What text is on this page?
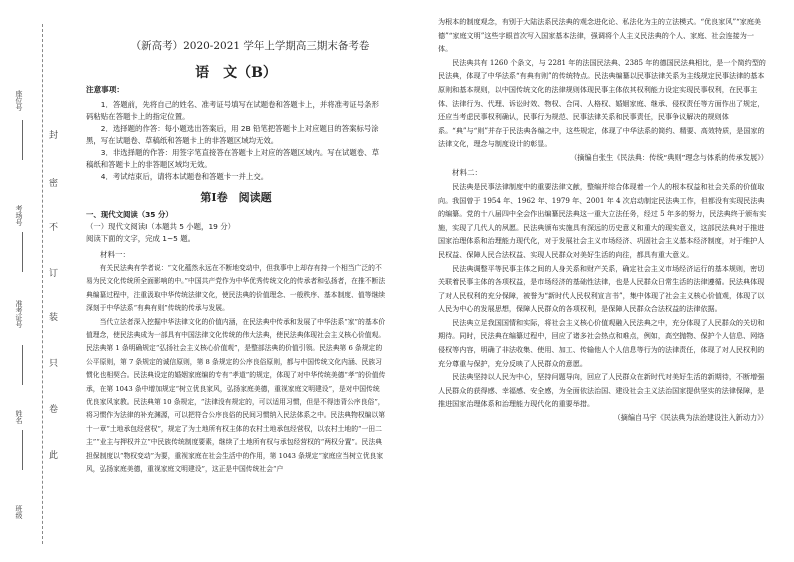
封
密
不
订
装
只
卷
此
座位号
考场号
准考证号
姓名
班级
（新高考）2020-2021 学年上学期高三期末备考卷
语　文（B）
注意事项：

1．答题前，先将自己的姓名、准考证号填写在试题卷和答题卡上，并将准考证号条形码粘贴在答题卡上的指定位置。

2．选择题的作答：每小题选出答案后，用 2B 铅笔把答题卡上对应题目的答案标号涂黑，写在试题卷、草稿纸和答题卡上的非答题区域均无效。

3．非选择题的作答：用签字笔直接答在答题卡上对应的答题区域内。写在试题卷、草稿纸和答题卡上的非答题区域均无效。

4．考试结束后，请将本试题卷和答题卡一并上交。

第Ⅰ卷　阅读题
一、现代文阅读（35 分）
（一）现代文阅读Ⅰ（本题共 5 小题，19 分）
阅读下面的文字，完成 1~5 题。
材料一：

有关民法典有学者说：“文化蕴然永远在不断地变动中，但我事中上却存有持一个相当广泛的不易为民文化传统所全面影响的中。”中国共产党作为中华优秀传统文化的传承者和弘扬者，在推不断法典编纂过程中，注重汲取中华传统法律文化，使民法典的价值理念、一般秩序、基本制度、值等继续深刻于中华法系“有典有则”传统的传承与发展。

当代立法者深入挖掘中华法律文化的价值内涵，在民法典中传承和发展了中华法系“家”的基本价值理念，使民法典成为一部具有中国法律文化传统的伟大法典，使民法典体现社会主义核心价值观。民法典第 1 条明确规定“弘扬社会主义核心价值观”，是整部法典的价值引领。民法典第 6 条规定的公平原则，第 7 条规定的诚信原则，第 8 条规定的公序良俗原则，都与中国传统文化内涵、民族习惯化也相契合。民法典设定的婚姻家庭编的专有“孝道”的规定，体现了对中华传统美德“孝”的价值传承，在第 1043 条中增加规定“树立优良家风，弘扬家庭美德，重视家庭文明建设”，是对中国传统优良家风家教。民法典第 10 条规定，“法律没有规定的，可以适用习惯，但是不得违背公序良俗”，将习惯作为法律的补充渊源，可以把符合公序良俗的民间习惯纳入民法体系之中。民法典物权编以第十一章“土地承包经营权”，规定了为土地所有权主体的农村土地承包经营权，以农村土地的“一田二主”“业主与押权并立”中民族传统制度要素，继续了土地所有权与承包经营权的“两权分置”。民法典担保制度以“物权变动”为要，重视家庭在社会生活中的作用，第 1043 条规定“家庭应当树立优良家风，弘扬家庭美德，重视家庭文明建设”，这正是中国传统社会“户

为根本的制度观念，有别于大陆法系民法典的观念进化论、私法化为主的立法模式。“优良家风”“家庭美德”“家庭文明”这些字眼首次写入国家基本法律，强调将个人主义民法典的个人、家庭、社会连接为一体。

民法典共有 1260 个条文，与 2281 年的法国民法典、2385 年的德国民法典相比，是一个简约型的民法典，体现了中华法系“有典有则”的传统特点。民法典编纂以民事法律关系为主线规定民事法律的基本原则和基本规则，以中国传统文化的法律规则体现民事主体依其权利能力设定实现民事权利，在民事主体、法律行为、代理、诉讼时效、物权、合同、人格权、婚姻家庭、继承、侵权责任等方面作出了规定，还应当考虑民事权利确认，民事行为规范、民事法律关系和民事责任，民事争议解决的规则体系。“典”与“则”并存于民法典各编之中，这些规定，体现了中华法系的简约、精要、高效特质，是国家的法律文化，理念与制度设计的彰显。

（摘编自张生《民法典：传统“典则”理念与体系的传承发展》）
材料二：

民法典是民事法律制度中的重要法律文献，整编并综合体现着一个人的根本权益和社会关系的价值取向。我国曾于 1954 年、1962 年、1979 年、2001 年 4 次启动制定民法典工作，但都没有实现民法典的编纂。党的十八届四中全会作出编纂民法典这一重大立法任务，经过 5 年多的努力，民法典终于颁布实施，实现了几代人的夙愿。民法典颁布实施具有深远的历史意义和重大的现实意义，这部民法典对于推进国家治理体系和治理能力现代化，对于发展社会主义市场经济、巩固社会主义基本经济制度，对于维护人民权益、保障人民合法权益、实现人民群众对美好生活的向往，都具有重大意义。

民法典调整平等民事主体之间的人身关系和财产关系，确定社会主义市场经济运行的基本规则，密切关联着民事主体的各项权益，是市场经济的基础性法律，也是人民群众日常生活的法律遵循。民法典体现了对人民权利的充分保障，被誉为“新时代人民权利宣言书”，集中体现了社会主义核心价值观，体现了以人民为中心的发展思想，保障人民群众的各项权利，是保障人民群众合法权益的法律依据。

民法典立足我国国情和实际，将社会主义核心价值观融入民法典之中，充分体现了人民群众的关切和期待。同时，民法典在编纂过程中，回应了诸多社会热点和难点，例如，高空抛物、保护个人信息、网络侵权等内容，明确了非法收集、使用、加工、传输他人个人信息等行为的法律责任，体现了对人民权利的充分尊重与保护，充分反映了人民群众的意愿。

民法典坚持以人民为中心，坚持问题导向，回应了人民群众在新时代对美好生活的新期待，不断增强人民群众的获得感、幸福感、安全感，为全面依法治国、建设社会主义法治国家提供坚实的法律保障，是推进国家治理体系和治理能力现代化的重要举措。

（摘编自马宇《民法典为法治建设注入新动力》）
